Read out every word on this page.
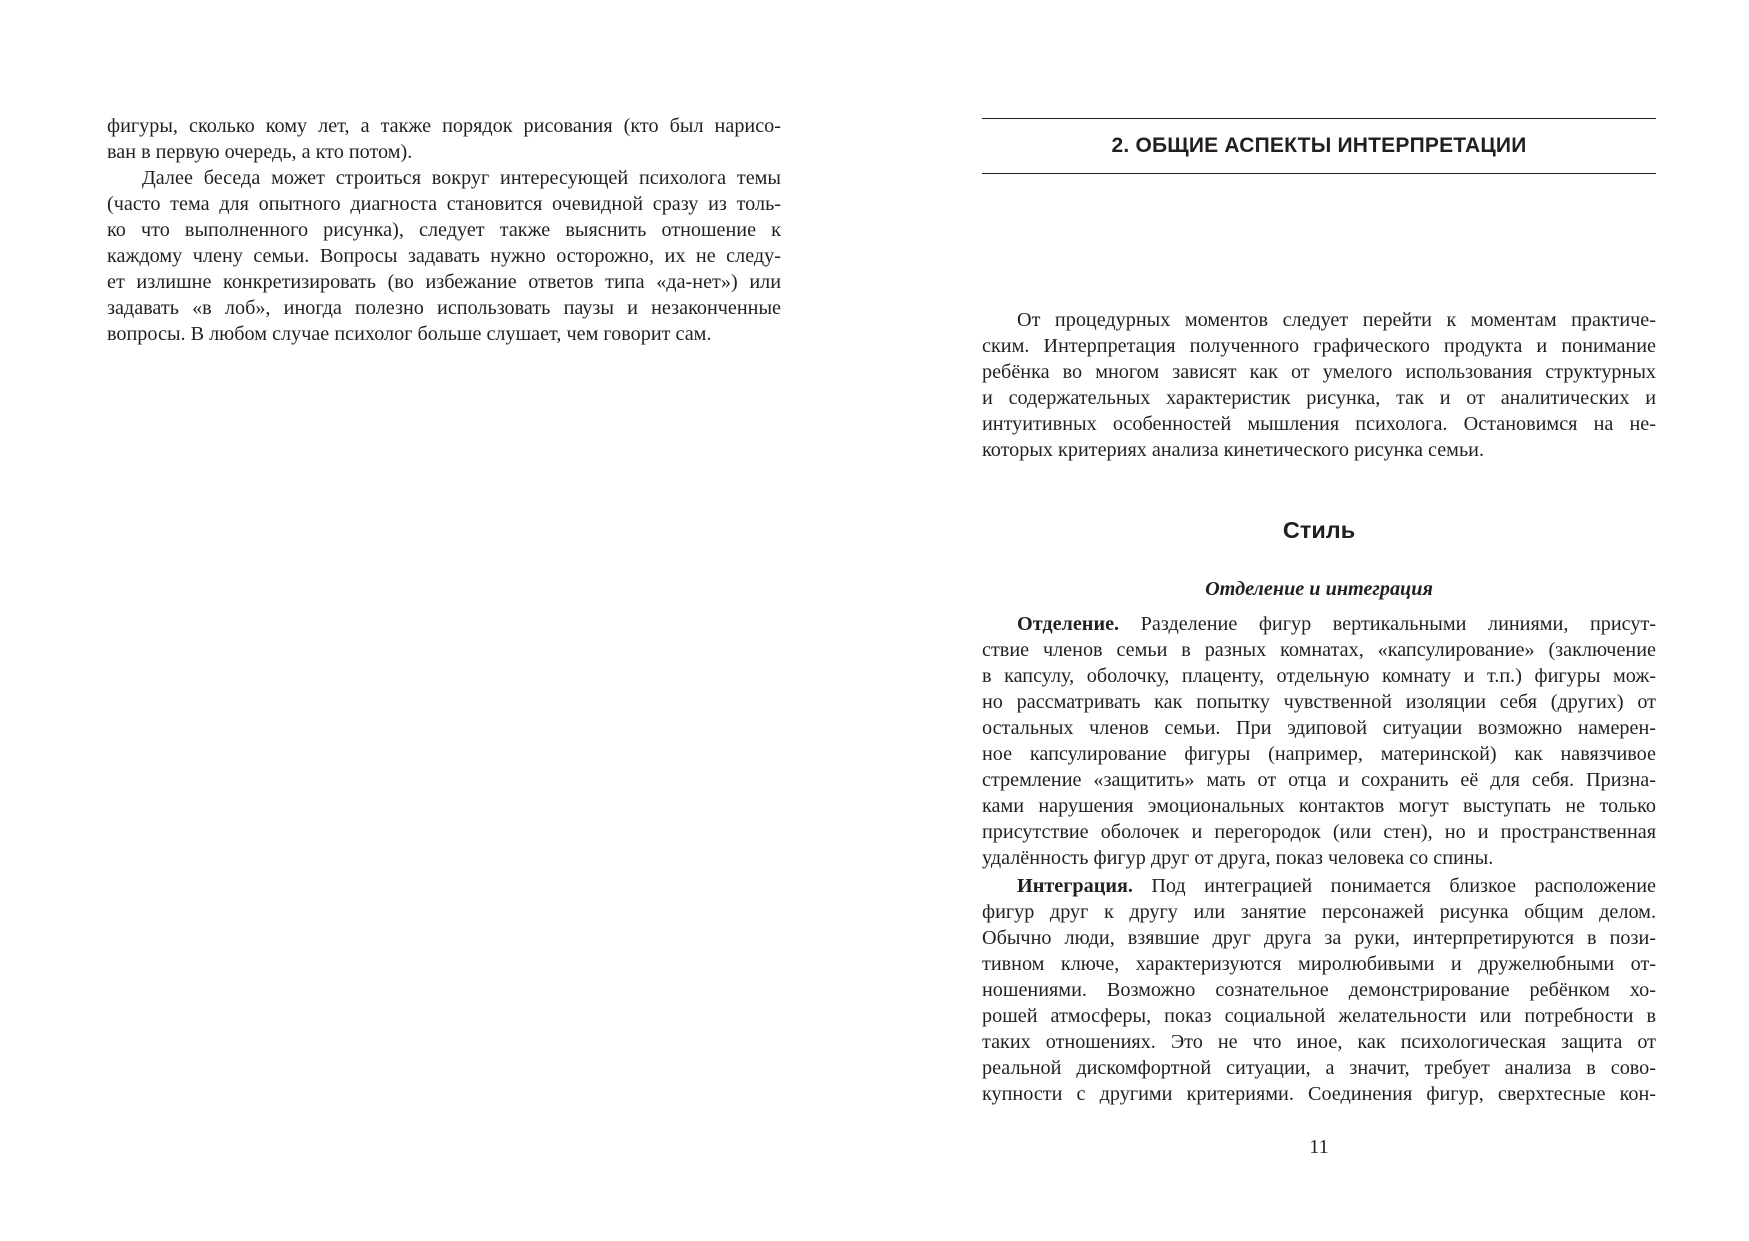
фигуры, сколько кому лет, а также порядок рисования (кто был нарисо-
ван в первую очередь, а кто потом).
Далее беседа может строиться вокруг интересующей психолога темы
(часто тема для опытного диагноста становится очевидной сразу из толь-
ко что выполненного рисунка), следует также выяснить отношение к
каждому члену семьи. Вопросы задавать нужно осторожно, их не следу-
ет излишне конкретизировать (во избежание ответов типа «да-нет») или
задавать «в лоб», иногда полезно использовать паузы и незаконченные
вопросы. В любом случае психолог больше слушает, чем говорит сам.
2. ОБЩИЕ АСПЕКТЫ ИНТЕРПРЕТАЦИИ
От процедурных моментов следует перейти к моментам практиче-
ским. Интерпретация полученного графического продукта и понимание
ребёнка во многом зависят как от умелого использования структурных
и содержательных характеристик рисунка, так и от аналитических и
интуитивных особенностей мышления психолога. Остановимся на не-
которых критериях анализа кинетического рисунка семьи.
Стиль
Отделение и интеграция
Отделение. Разделение фигур вертикальными линиями, присут-
ствие членов семьи в разных комнатах, «капсулирование» (заключение
в капсулу, оболочку, плаценту, отдельную комнату и т.п.) фигуры мож-
но рассматривать как попытку чувственной изоляции себя (других) от
остальных членов семьи. При эдиповой ситуации возможно намерен-
ное капсулирование фигуры (например, материнской) как навязчивое
стремление «защитить» мать от отца и сохранить её для себя. Призна-
ками нарушения эмоциональных контактов могут выступать не только
присутствие оболочек и перегородок (или стен), но и пространственная
удалённость фигур друг от друга, показ человека со спины.
Интеграция. Под интеграцией понимается близкое расположение
фигур друг к другу или занятие персонажей рисунка общим делом.
Обычно люди, взявшие друг друга за руки, интерпретируются в пози-
тивном ключе, характеризуются миролюбивыми и дружелюбными от-
ношениями. Возможно сознательное демонстрирование ребёнком хо-
рошей атмосферы, показ социальной желательности или потребности в
таких отношениях. Это не что иное, как психологическая защита от
реальной дискомфортной ситуации, а значит, требует анализа в сово-
купности с другими критериями. Соединения фигур, сверхтесные кон-
11
